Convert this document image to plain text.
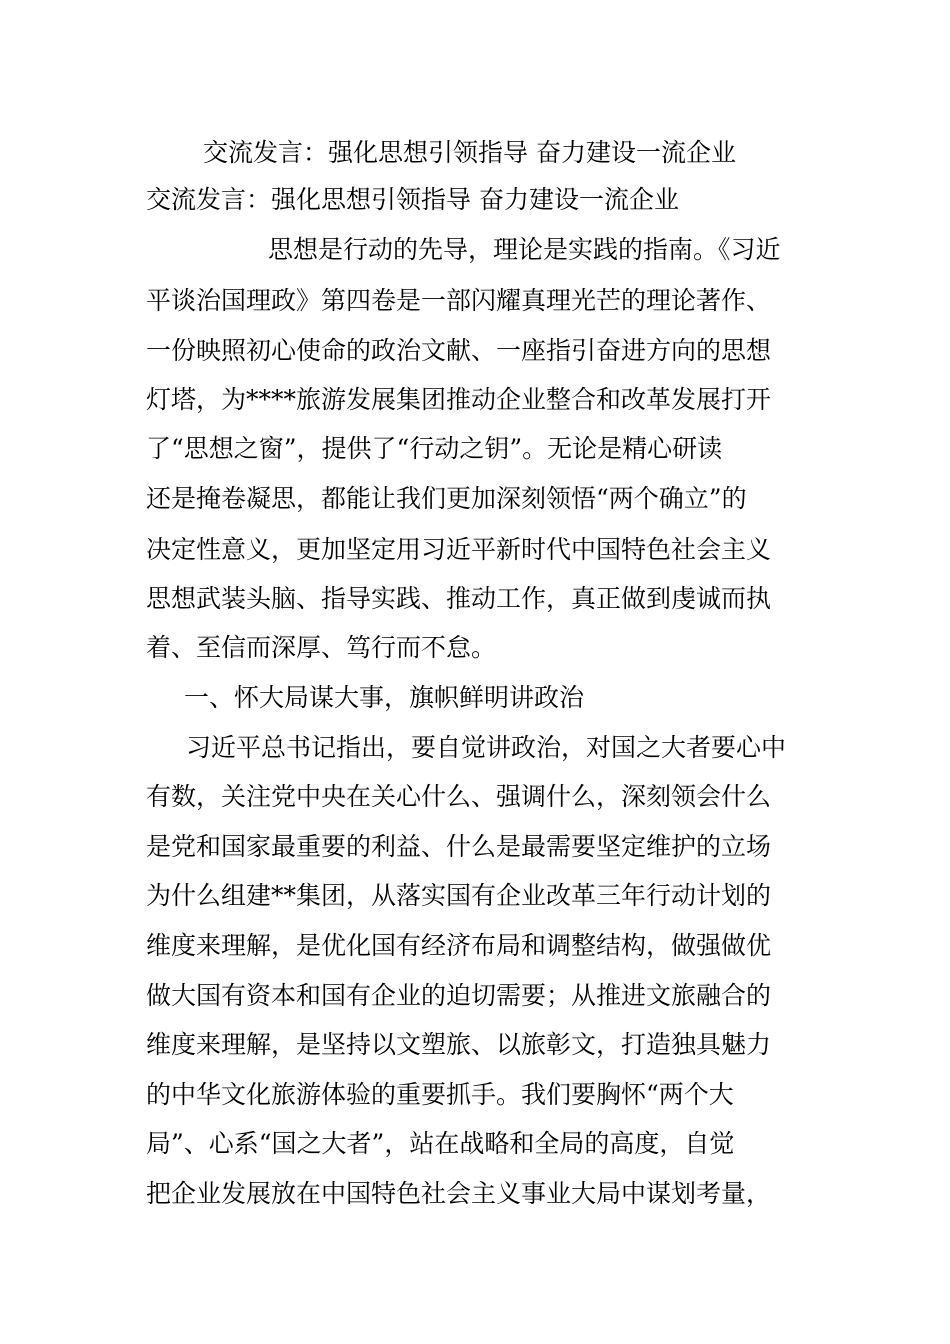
交流发言：强化思想引领指导 奋力建设一流企业
交流发言：强化思想引领指导 奋力建设一流企业
思想是行动的先导，理论是实践的指南。《习近
平谈治国理政》第四卷是一部闪耀真理光芒的理论著作、
一份映照初心使命的政治文献、一座指引奋进方向的思想
灯塔，为****旅游发展集团推动企业整合和改革发展打开
了“思想之窗”，提供了“行动之钥”。无论是精心研读
还是掩卷凝思，都能让我们更加深刻领悟“两个确立”的
决定性意义，更加坚定用习近平新时代中国特色社会主义
思想武装头脑、指导实践、推动工作，真正做到虔诚而执
着、至信而深厚、笃行而不怠。
一、怀大局谋大事，旗帜鲜明讲政治
习近平总书记指出，要自觉讲政治，对国之大者要心中
有数，关注党中央在关心什么、强调什么，深刻领会什么
是党和国家最重要的利益、什么是最需要坚定维护的立场
为什么组建**集团，从落实国有企业改革三年行动计划的
维度来理解，是优化国有经济布局和调整结构，做强做优
做大国有资本和国有企业的迫切需要；从推进文旅融合的
维度来理解，是坚持以文塑旅、以旅彰文，打造独具魅力
的中华文化旅游体验的重要抓手。我们要胸怀“两个大
局”、心系“国之大者”，站在战略和全局的高度，自觉
把企业发展放在中国特色社会主义事业大局中谋划考量，
